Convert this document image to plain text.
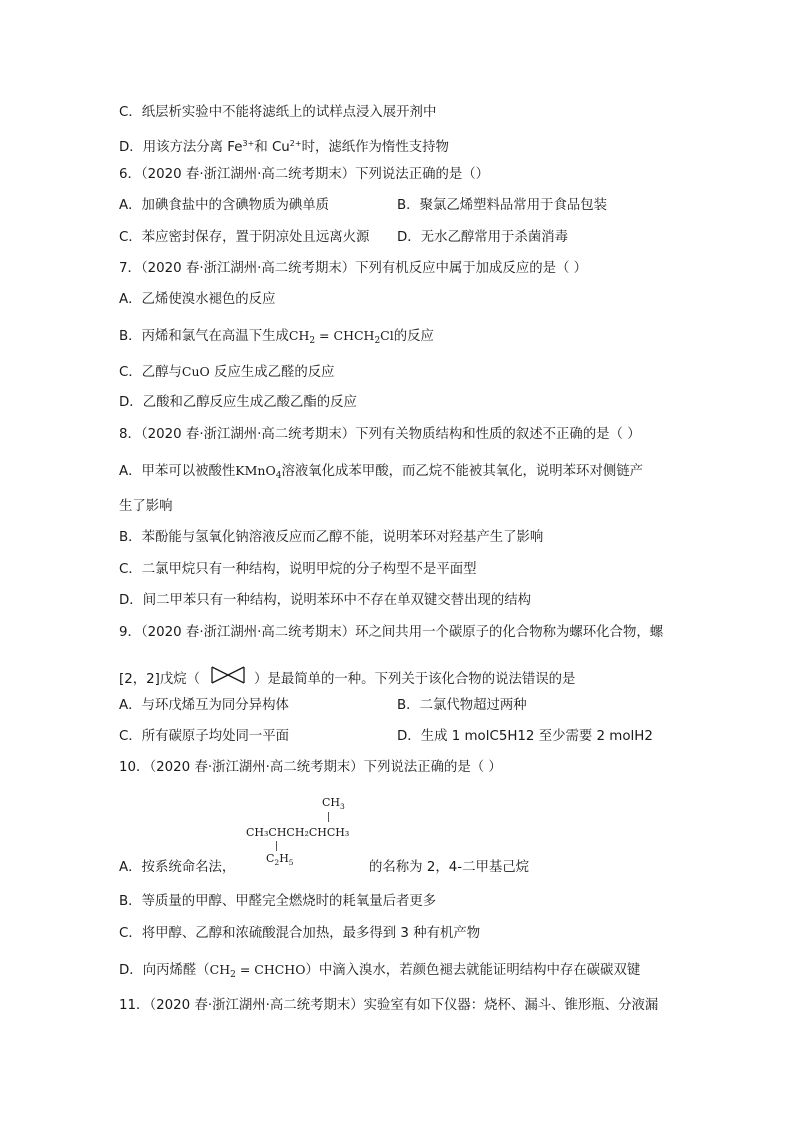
C．纸层析实验中不能将滤纸上的试样点浸入展开剂中
D．用该方法分离 $Fe^{3+}$和 $Cu^{2+}$时，滤纸作为惰性支持物
6．（2020 春·浙江湖州·高二统考期末）下列说法正确的是（）
A．加碘食盐中的含碘物质为碘单质	B．聚氯乙烯塑料品常用于食品包装
C．苯应密封保存，置于阴凉处且远离火源 D．无水乙醇常用于杀菌消毒
7．（2020 春·浙江湖州·高二统考期末）下列有机反应中属于加成反应的是（ ）
A．乙烯使溴水褪色的反应
B．丙烯和氯气在高温下生成$CH_2$ = $CHCH_2Cl$的反应
C．乙醇与CuO 反应生成乙醛的反应
D．乙酸和乙醇反应生成乙酸乙酯的反应
8．（2020 春·浙江湖州·高二统考期末）下列有关物质结构和性质的叙述不正确的是（ ）
A．甲苯可以被酸性KMnO$_4$溶液氧化成苯甲酸，而乙烷不能被其氧化，说明苯环对侧链产
生了影响
B．苯酚能与氢氧化钠溶液反应而乙醇不能，说明苯环对羟基产生了影响
C．二氯甲烷只有一种结构，说明甲烷的分子构型不是平面型
D．间二甲苯只有一种结构，说明苯环中不存在单双键交替出现的结构
9．（2020 春·浙江湖州·高二统考期末）环之间共用一个碳原子的化合物称为螺环化合物，螺
[2，2]戊烷（	）是最简单的一种。下列关于该化合物的说法错误的是
A．与环戊烯互为同分异构体	B．二氯代物超过两种
C．所有碳原子均处同一平面	D．生成 1 molC5H12 至少需要 2 molH2
10．（2020 春·浙江湖州·高二统考期末）下列说法正确的是（ ）
$CH_3$
CH₃CHCH₂CHCH₃
$C_2H_5$
A．按系统命名法，	的名称为 2，4-二甲基己烷
B．等质量的甲醇、甲醛完全燃烧时的耗氧量后者更多
C．将甲醇、乙醇和浓硫酸混合加热，最多得到 3 种有机产物
D．向丙烯醛（$CH_2$ = CHCHO）中滴入溴水，若颜色褪去就能证明结构中存在碳碳双键
11．（2020 春·浙江湖州·高二统考期末）实验室有如下仪器：烧杯、漏斗、锥形瓶、分液漏
